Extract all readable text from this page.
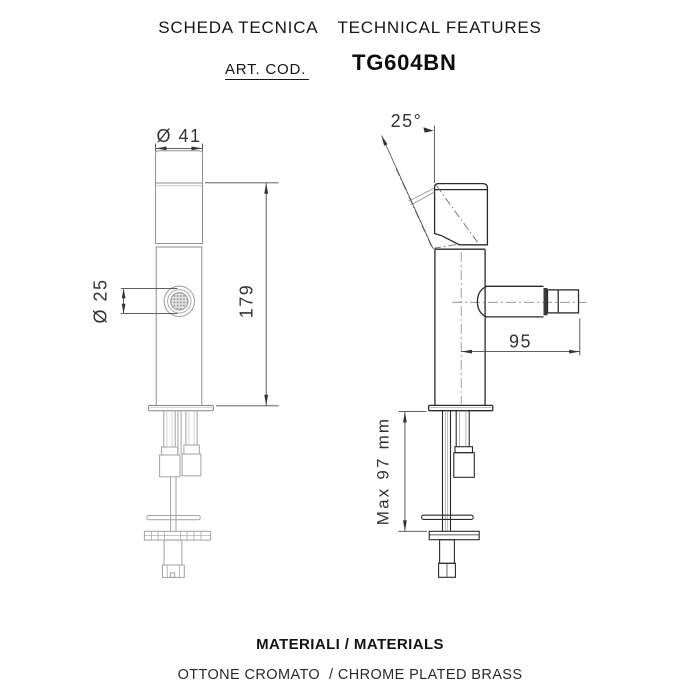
SCHEDA TECNICA TECHNICAL FEATURES
ART. COD. TG604BN
Ø 41
Ø 25	179
25°
95
Max 97 mm
MATERIALI / MATERIALS
OTTONE CROMATO  / CHROME PLATED BRASS
